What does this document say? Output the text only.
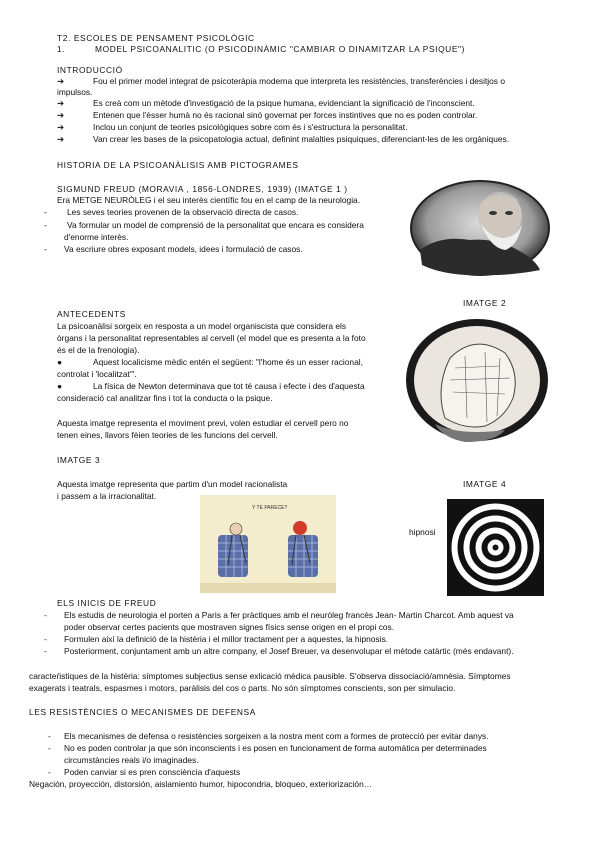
T2. ESCOLES DE PENSAMENT PSICOLÒGIC
1.	MODEL PSICOANALITIC (O PSICODINÀMIC "CAMBIAR O DINAMITZAR LA PSIQUE")
INTRODUCCIÓ
➔	Fou el primer model integrat de psicoteràpia moderna que interpreta les resistències, transferències i desitjos o
impulsos.
➔	Es creà com un mètode d'investigació de la psique humana, evidenciant la significació de l'inconscient.
➔	Entenen que l'èsser humà no és racional sinó governat per forces instintives que no es poden controlar.
➔	Inclou un conjunt de teories psicològiques sobre com és i s'estructura la personalitat.
➔	Van crear les bases de la psicopatologia actual, definint malalties psiquiques, diferenciant-les de les orgàniques.
HISTORIA DE LA PSICOANÀLISIS AMB PICTOGRAMES
SIGMUND FREUD (MORAVIA , 1856-LONDRES, 1939) (IMATGE 1 )
Era METGE NEURÒLEG i el seu interès científic fou en el camp de la neurologia.
- Les seves teories provenen de la observació directa de casos.
- Va formular un model de comprensió de la personalitat que encara es considera
d'enorme interès.
- Va escriure obres exposant models, idees i formulació de casos.
IMATGE 2
ANTECEDENTS
La psicoanàlisi sorgeix en resposta a un model organiscista que considera els
òrgans i la personalitat representables al cervell (el model que es presenta a la foto
és el de la frenologia).
●	Aquest localicisme mèdic entén el següent: "l'home és un esser racional,
controlat i 'localitzat'".
●	La física de Newton determinava que tot té causa i efecte i des d'aquesta
consideració cal analitzar fins i tot la conducta o la psique.
Aquesta imatge representa el moviment previ, volen estudiar el cervell pero no
tenen eines, llavors fèien teories de les funcions del cervell.
IMATGE 3
Aquesta imatge representa que partim d'un model racionalista
i passem a la irracionalitat.
IMATGE 4
Y TE PARECE?
hipnosi
ELS INICIS DE FREUD
- Els estudis de neurologia el porten a Paris a fer pràctiques amb el neuròleg francès Jean- Martin Charcot. Amb aquest va
poder observar certes pacients que mostraven signes físics sense origen en el propi cos.
- Formulen així la definició de la histèria i el millor tractament per a aquestes, la hipnosis.
- Posteriorment, conjuntament amb un altre company, el Josef Breuer, va desenvolupar el mètode catàrtic (més endavant).
caracteŕistiques de la histèria: símptomes subjectius sense exlicació mèdica pausible. S'observa dissociació/amnèsia. Símptomes
exagerats i teatrals, espasmes i motors, paràlisis del cos o parts. No són símptomes conscients, son per simulacio.
LES RESISTÈNCIES O MECANISMES DE DEFENSA
- Els mecanismes de defensa o resistències sorgeixen a la nostra ment com a formes de protecció per evitar danys.
- No es poden controlar ja que són inconscients i es posen en funcionament de forma automàtica per determinades
circumstàncies reals i/o imaginades.
- Poden canviar si es pren consciència d'aquests
Negación, proyección, distorsión, aislamiento humor, hipocondria, bloqueo, exteriorización…
